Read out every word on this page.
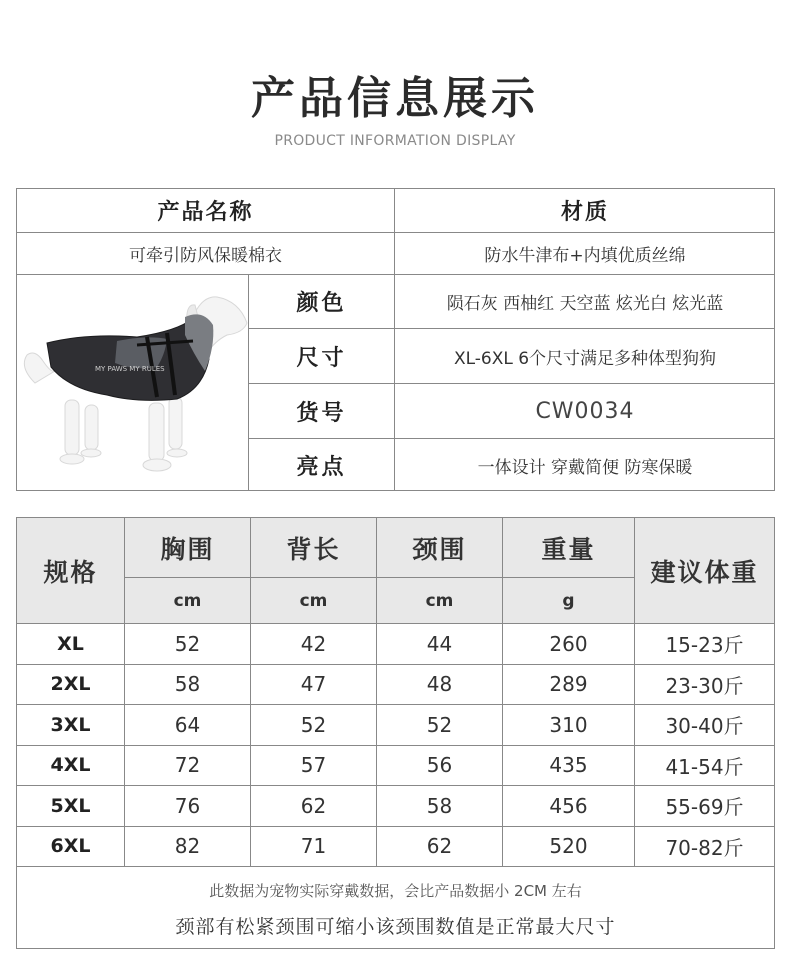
产品信息展示
PRODUCT INFORMATION DISPLAY
产品名称	材质
可牵引防风保暖棉衣	防水牛津布+内填优质丝绵
MY PAWS MY RULES
颜色	陨石灰 西柚红 天空蓝 炫光白 炫光蓝
尺寸	XL-6XL 6个尺寸满足多种体型狗狗
货号	CW0034
亮点	一体设计 穿戴简便 防寒保暖
规格
胸围	背长	颈围	重量
cm	cm	cm	g
建议体重
XL	52	42	44	260	15-23斤
2XL	58	47	48	289	23-30斤
3XL	64	52	52	310	30-40斤
4XL	72	57	56	435	41-54斤
5XL	76	62	58	456	55-69斤
6XL	82	71	62	520	70-82斤
此数据为宠物实际穿戴数据，会比产品数据小 2CM 左右
颈部有松紧颈围可缩小该颈围数值是正常最大尺寸
